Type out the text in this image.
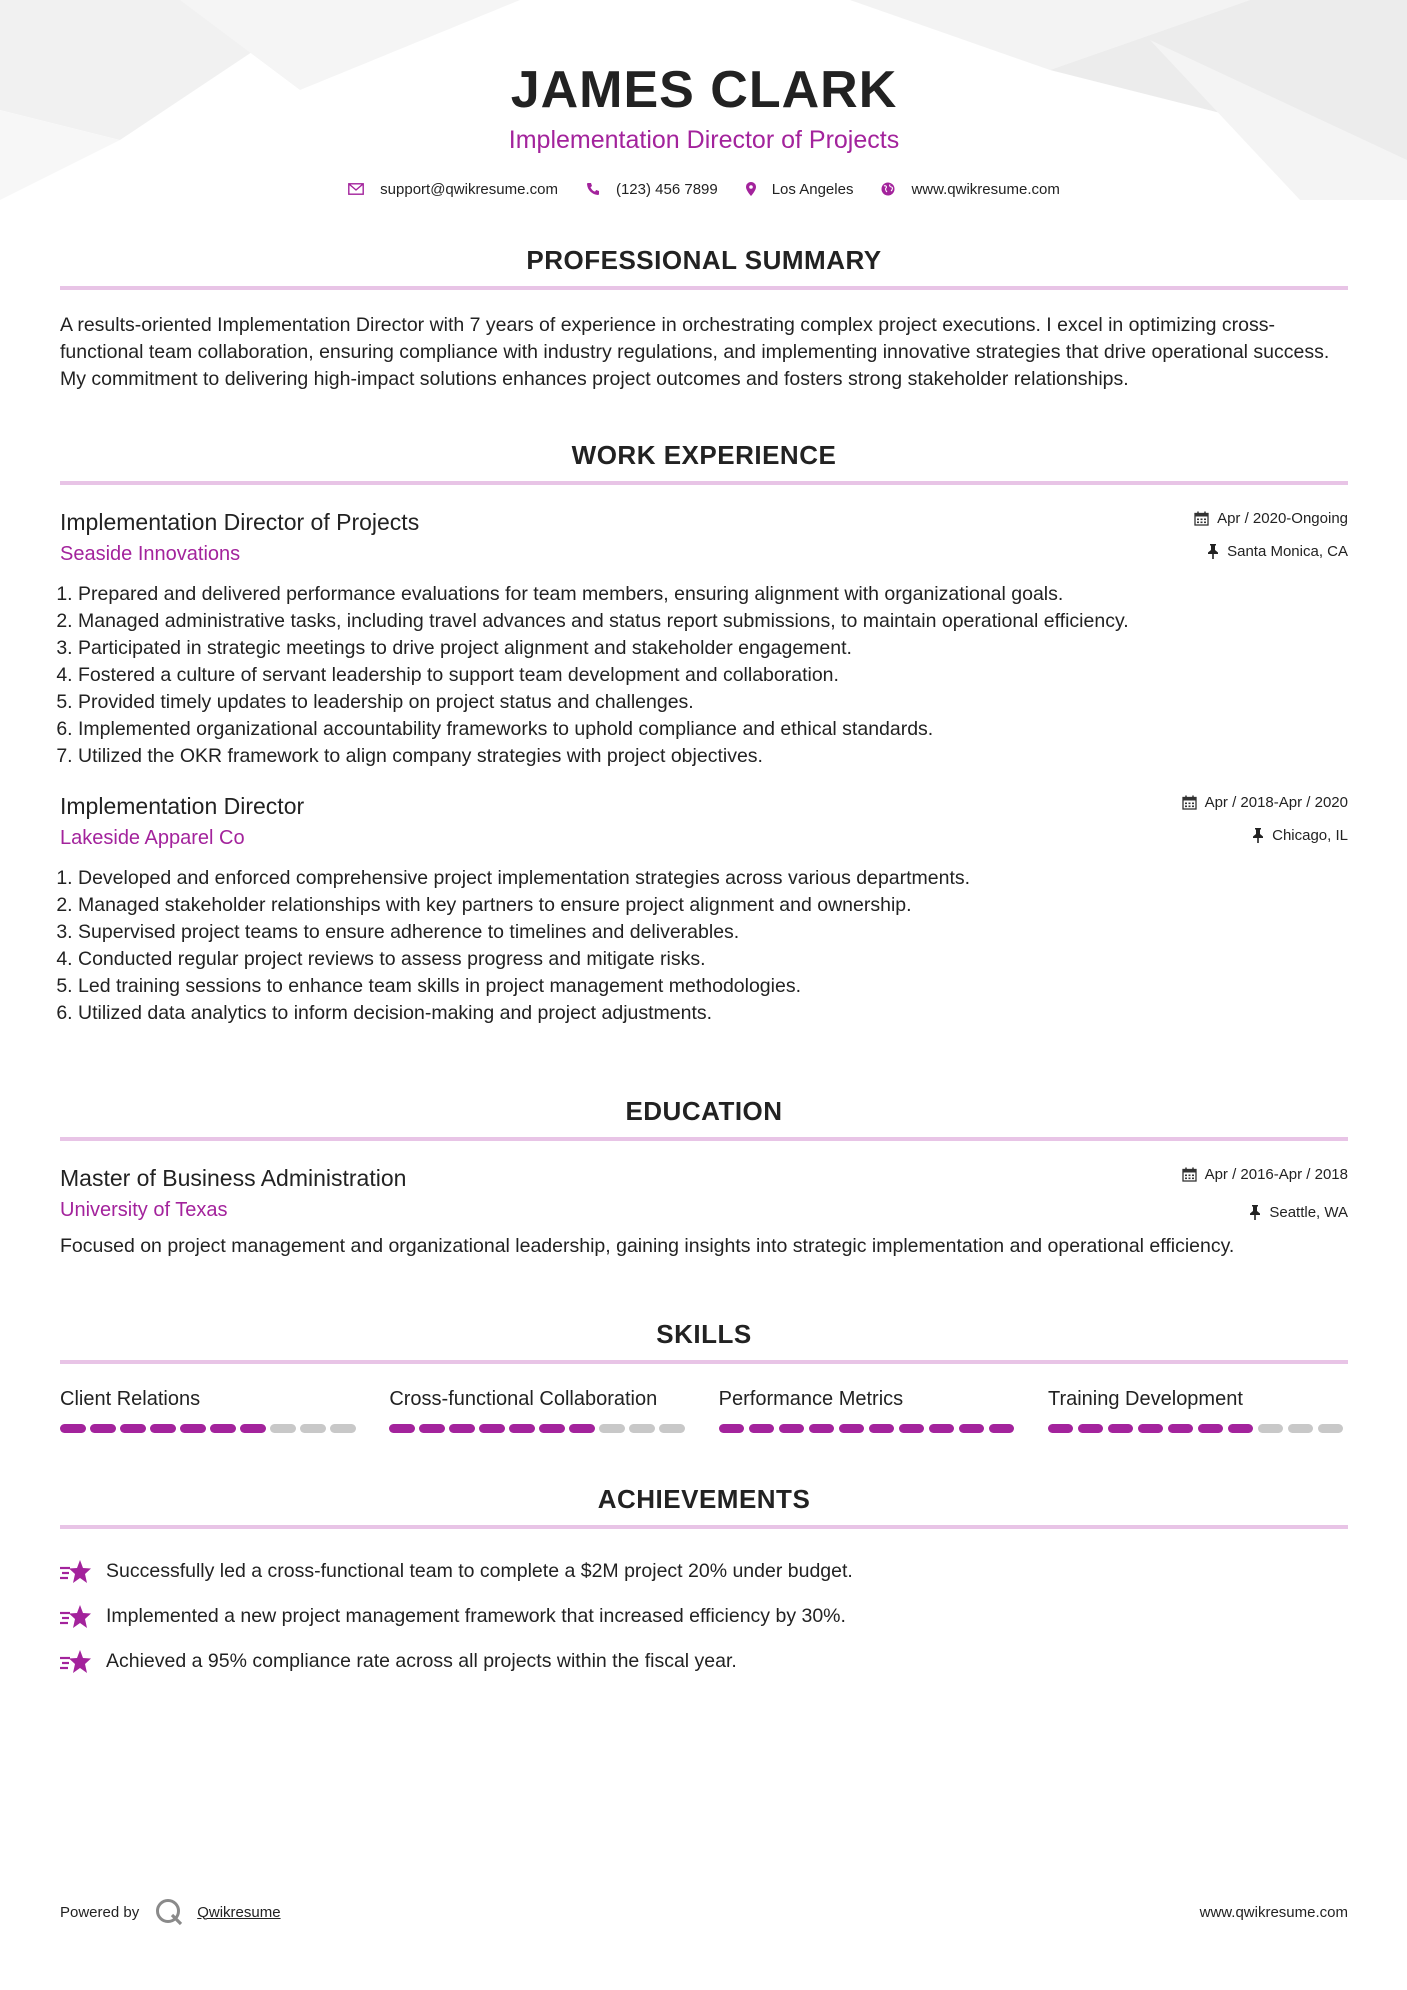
JAMES CLARK
Implementation Director of Projects
support@qwikresume.com	(123) 456 7899	Los Angeles	www.qwikresume.com
PROFESSIONAL SUMMARY

A results-oriented Implementation Director with 7 years of experience in orchestrating complex project executions. I excel in optimizing cross-functional team collaboration, ensuring compliance with industry regulations, and implementing innovative strategies that drive operational success. My commitment to delivering high-impact solutions enhances project outcomes and fosters strong stakeholder relationships.

WORK EXPERIENCE
Implementation Director of Projects
Seaside Innovations
Apr / 2020-Ongoing
Santa Monica, CA
1. Prepared and delivered performance evaluations for team members, ensuring alignment with organizational goals.
2. Managed administrative tasks, including travel advances and status report submissions, to maintain operational efficiency.
3. Participated in strategic meetings to drive project alignment and stakeholder engagement.
4. Fostered a culture of servant leadership to support team development and collaboration.
5. Provided timely updates to leadership on project status and challenges.
6. Implemented organizational accountability frameworks to uphold compliance and ethical standards.
7. Utilized the OKR framework to align company strategies with project objectives.
Implementation Director
Lakeside Apparel Co
Apr / 2018-Apr / 2020
Chicago, IL
1. Developed and enforced comprehensive project implementation strategies across various departments.
2. Managed stakeholder relationships with key partners to ensure project alignment and ownership.
3. Supervised project teams to ensure adherence to timelines and deliverables.
4. Conducted regular project reviews to assess progress and mitigate risks.
5. Led training sessions to enhance team skills in project management methodologies.
6. Utilized data analytics to inform decision-making and project adjustments.
EDUCATION
Master of Business Administration
University of Texas
Apr / 2016-Apr / 2018
Seattle, WA

Focused on project management and organizational leadership, gaining insights into strategic implementation and operational efficiency.

SKILLS
Client Relations	Cross-functional Collaboration	Performance Metrics	Training Development
ACHIEVEMENTS
Successfully led a cross-functional team to complete a $2M project 20% under budget.
Implemented a new project management framework that increased efficiency by 30%.
Achieved a 95% compliance rate across all projects within the fiscal year.
Powered by	Qwikresume	www.qwikresume.com
